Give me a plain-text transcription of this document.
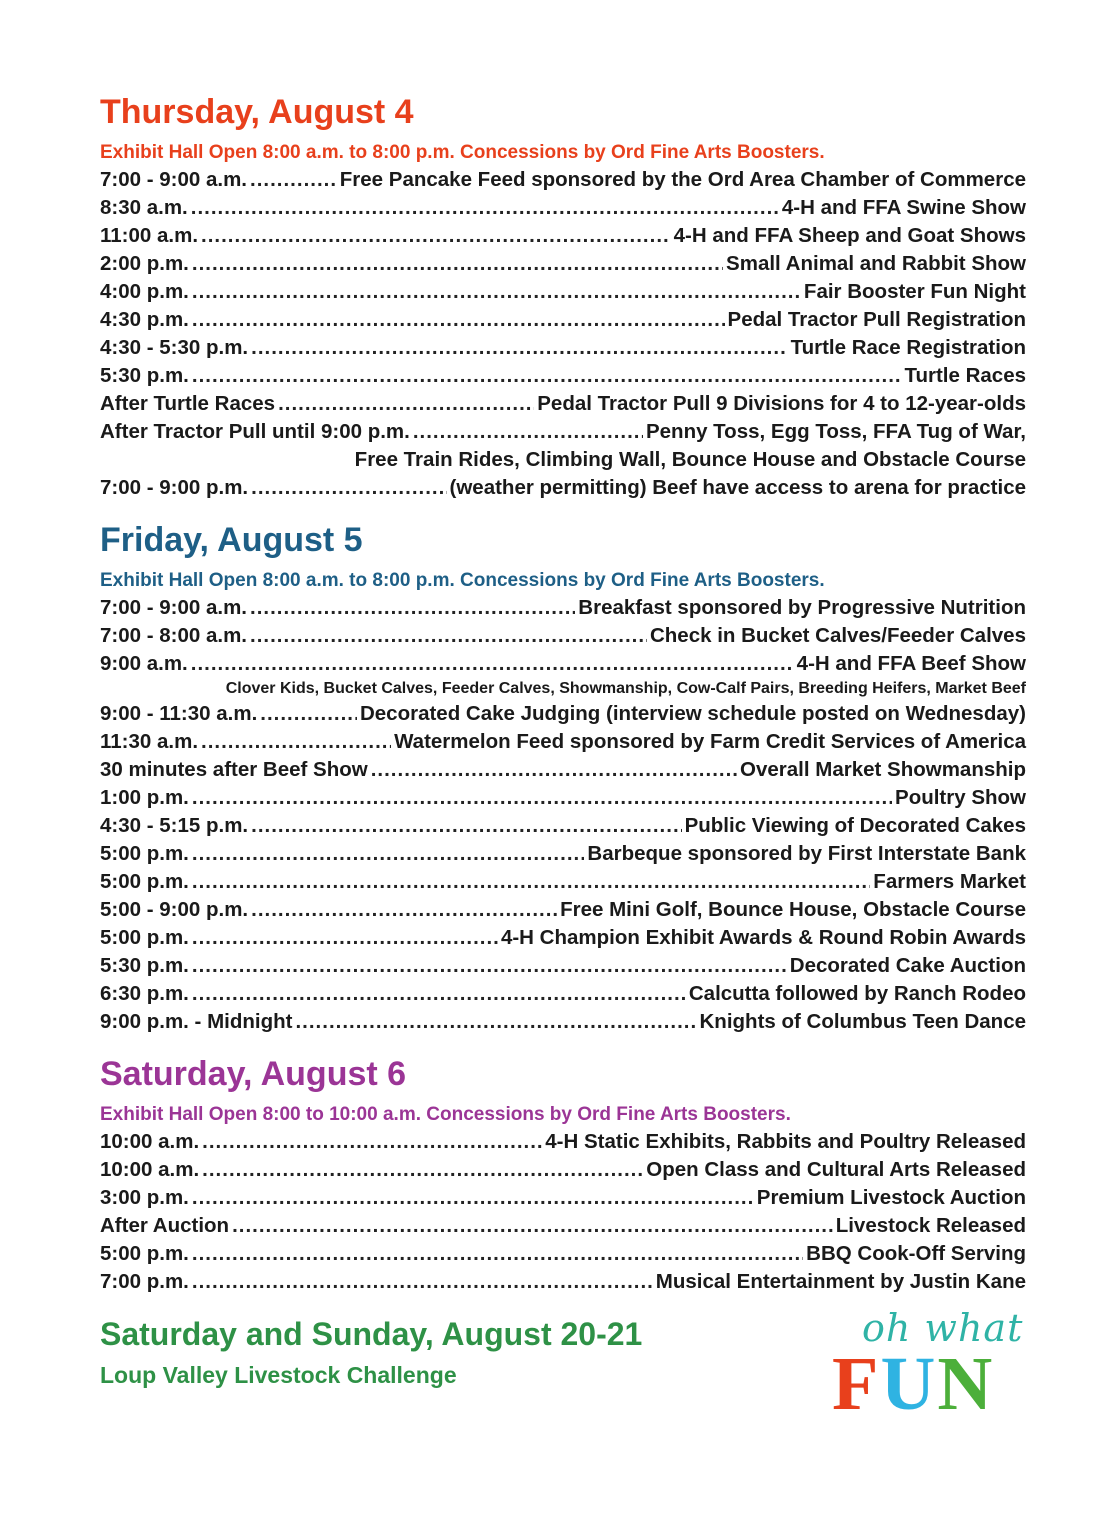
Thursday, August 4

Exhibit Hall Open 8:00 a.m. to 8:00 p.m. Concessions by Ord Fine Arts Boosters.

7:00 - 9:00 a.m. .....	Free Pancake Feed sponsored by the Ord Area Chamber of Commerce
8:30 a.m. .....	4-H and FFA Swine Show
11:00 a.m. .....	4-H and FFA Sheep and Goat Shows
2:00 p.m. .....	Small Animal and Rabbit Show
4:00 p.m. .....	Fair Booster Fun Night
4:30 p.m. .....	Pedal Tractor Pull Registration
4:30 - 5:30 p.m. .....	Turtle Race Registration
5:30 p.m. .....	Turtle Races
After Turtle Races .....	Pedal Tractor Pull 9 Divisions for 4 to 12-year-olds
After Tractor Pull until 9:00 p.m. .....	Penny Toss, Egg Toss, FFA Tug of War,
Free Train Rides, Climbing Wall, Bounce House and Obstacle Course
7:00 - 9:00 p.m. .....	(weather permitting) Beef have access to arena for practice
Friday, August 5

Exhibit Hall Open 8:00 a.m. to 8:00 p.m. Concessions by Ord Fine Arts Boosters.

7:00 - 9:00 a.m. .....	Breakfast sponsored by Progressive Nutrition
7:00 - 8:00 a.m. .....	Check in Bucket Calves/Feeder Calves
9:00 a.m. .....	4-H and FFA Beef Show
Clover Kids, Bucket Calves, Feeder Calves, Showmanship, Cow-Calf Pairs, Breeding Heifers, Market Beef
9:00 - 11:30 a.m. .....	Decorated Cake Judging (interview schedule posted on Wednesday)
11:30 a.m. .....	Watermelon Feed sponsored by Farm Credit Services of America
30 minutes after Beef Show .....	Overall Market Showmanship
1:00 p.m. .....	Poultry Show
4:30 - 5:15 p.m. .....	Public Viewing of Decorated Cakes
5:00 p.m. .....	Barbeque sponsored by First Interstate Bank
5:00 p.m. .....	Farmers Market
5:00 - 9:00 p.m. .....	Free Mini Golf, Bounce House, Obstacle Course
5:00 p.m. .....	4-H Champion Exhibit Awards & Round Robin Awards
5:30 p.m. .....	Decorated Cake Auction
6:30 p.m. .....	Calcutta followed by Ranch Rodeo
9:00 p.m. - Midnight .....	Knights of Columbus Teen Dance
Saturday, August 6

Exhibit Hall Open 8:00 to 10:00 a.m. Concessions by Ord Fine Arts Boosters.

10:00 a.m. .....	4-H Static Exhibits, Rabbits and Poultry Released
10:00 a.m. .....	Open Class and Cultural Arts Released
3:00 p.m. .....	Premium Livestock Auction
After Auction .....	Livestock Released
5:00 p.m. .....	BBQ Cook-Off Serving
7:00 p.m. .....	Musical Entertainment by Justin Kane
Saturday and Sunday, August 20-21

Loup Valley Livestock Challenge

oh what
FUN
